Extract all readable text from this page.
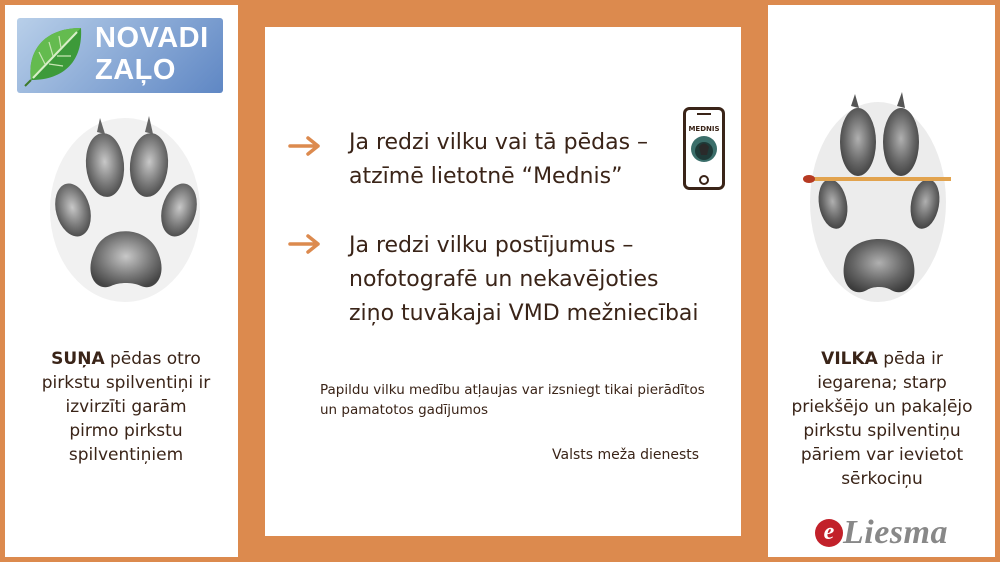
NOVADI
ZAĻO
SUŅA pēdas otro pirkstu spilventiņi ir izvirzīti garām pirmo pirkstu spilventiņiem
Ja redzi vilku vai tā pēdas –
atzīmē lietotnē “Mednis”
Ja redzi vilku postījumus –
nofotografē un nekavējoties
ziņo tuvākajai VMD mežniecībai
Papildu vilku medību atļaujas var izsniegt tikai pierādītos
un pamatotos gadījumos
Valsts meža dienests
MEDNIS
VILKA pēda ir iegarena; starp priekšējo un pakaļējo pirkstu spilventiņu pāriem var ievietot sērkociņu
e Liesma
